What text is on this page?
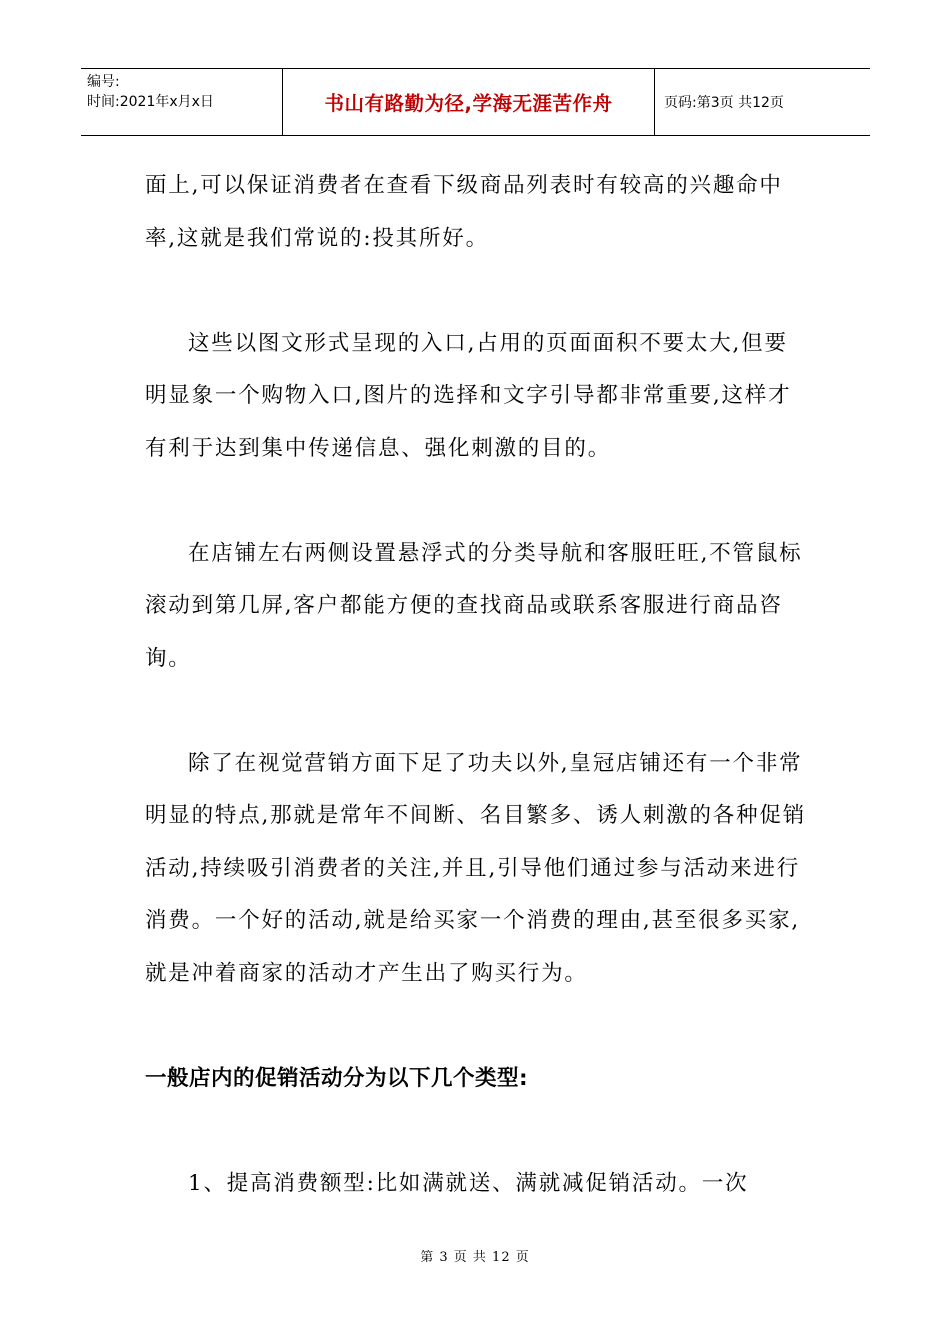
编号:
时间:2021年x月x日	书山有路勤为径,学海无涯苦作舟	页码:第3页 共12页

面上,可以保证消费者在查看下级商品列表时有较高的兴趣命中率,这就是我们常说的:投其所好。

这些以图文形式呈现的入口,占用的页面面积不要太大,但要明显象一个购物入口,图片的选择和文字引导都非常重要,这样才有利于达到集中传递信息、强化刺激的目的。

在店铺左右两侧设置悬浮式的分类导航和客服旺旺,不管鼠标滚动到第几屏,客户都能方便的查找商品或联系客服进行商品咨询。

除了在视觉营销方面下足了功夫以外,皇冠店铺还有一个非常明显的特点,那就是常年不间断、名目繁多、诱人刺激的各种促销活动,持续吸引消费者的关注,并且,引导他们通过参与活动来进行消费。一个好的活动,就是给买家一个消费的理由,甚至很多买家,就是冲着商家的活动才产生出了购买行为。

一般店内的促销活动分为以下几个类型:

1、提高消费额型:比如满就送、满就减促销活动。一次

第 3 页 共 12 页
